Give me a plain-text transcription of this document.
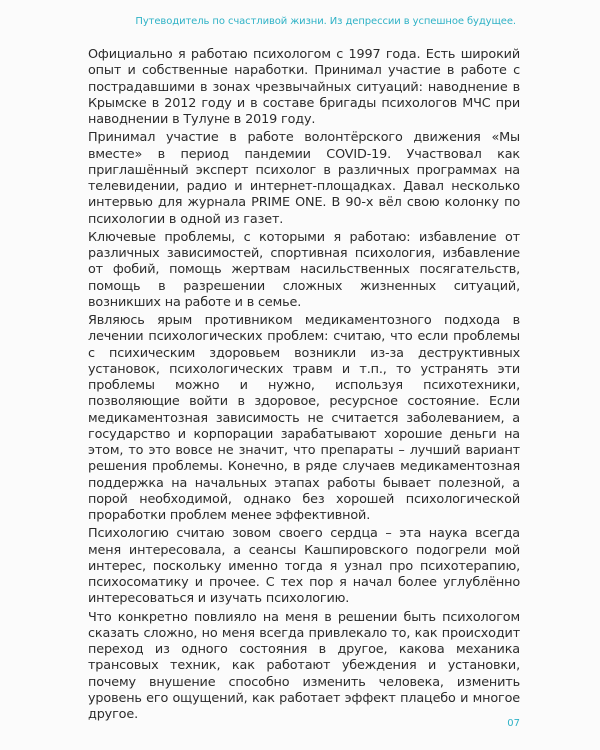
Путеводитель по счастливой жизни. Из депрессии в успешное будущее.

Официально я работаю психологом с 1997 года. Есть широкий опыт и собственные наработки. Принимал участие в работе с пострадавшими в зонах чрезвычайных ситуаций: наводнение в Крымске в 2012 году и в составе бригады психологов МЧС при наводнении в Тулуне в 2019 году.

Принимал участие в работе волонтёрского движения «Мы вместе» в период пандемии COVID-19. Участвовал как приглашённый эксперт психолог в различных программах на телевидении, радио и интернет-площадках. Давал несколько интервью для журнала PRIME ONE. В 90-х вёл свою колонку по психологии в одной из газет.

Ключевые проблемы, с которыми я работаю: избавление от различных зависимостей, спортивная психология, избавление от фобий, помощь жертвам насильственных посягательств, помощь в разрешении сложных жизненных ситуаций, возникших на работе и в семье.

Являюсь ярым противником медикаментозного подхода в лечении психологических проблем: считаю, что если проблемы с психическим здоровьем возникли из-за деструктивных установок, психологических травм и т.п., то устранять эти проблемы можно и нужно, используя психотехники, позволяющие войти в здоровое, ресурсное состояние. Если медикаментозная зависимость не считается заболеванием, а государство и корпорации зарабатывают хорошие деньги на этом, то это вовсе не значит, что препараты – лучший вариант решения проблемы. Конечно, в ряде случаев медикаментозная поддержка на начальных этапах работы бывает полезной, а порой необходимой, однако без хорошей психологической проработки проблем менее эффективной.

Психологию считаю зовом своего сердца – эта наука всегда меня интересовала, а сеансы Кашпировского подогрели мой интерес, поскольку именно тогда я узнал про психотерапию, психосоматику и прочее. С тех пор я начал более углублённо интересоваться и изучать психологию.

Что конкретно повлияло на меня в решении быть психологом сказать сложно, но меня всегда привлекало то, как происходит переход из одного состояния в другое, какова механика трансовых техник, как работают убеждения и установки, почему внушение способно изменить человека, изменить уровень его ощущений, как работает эффект плацебо и многое другое.

07
